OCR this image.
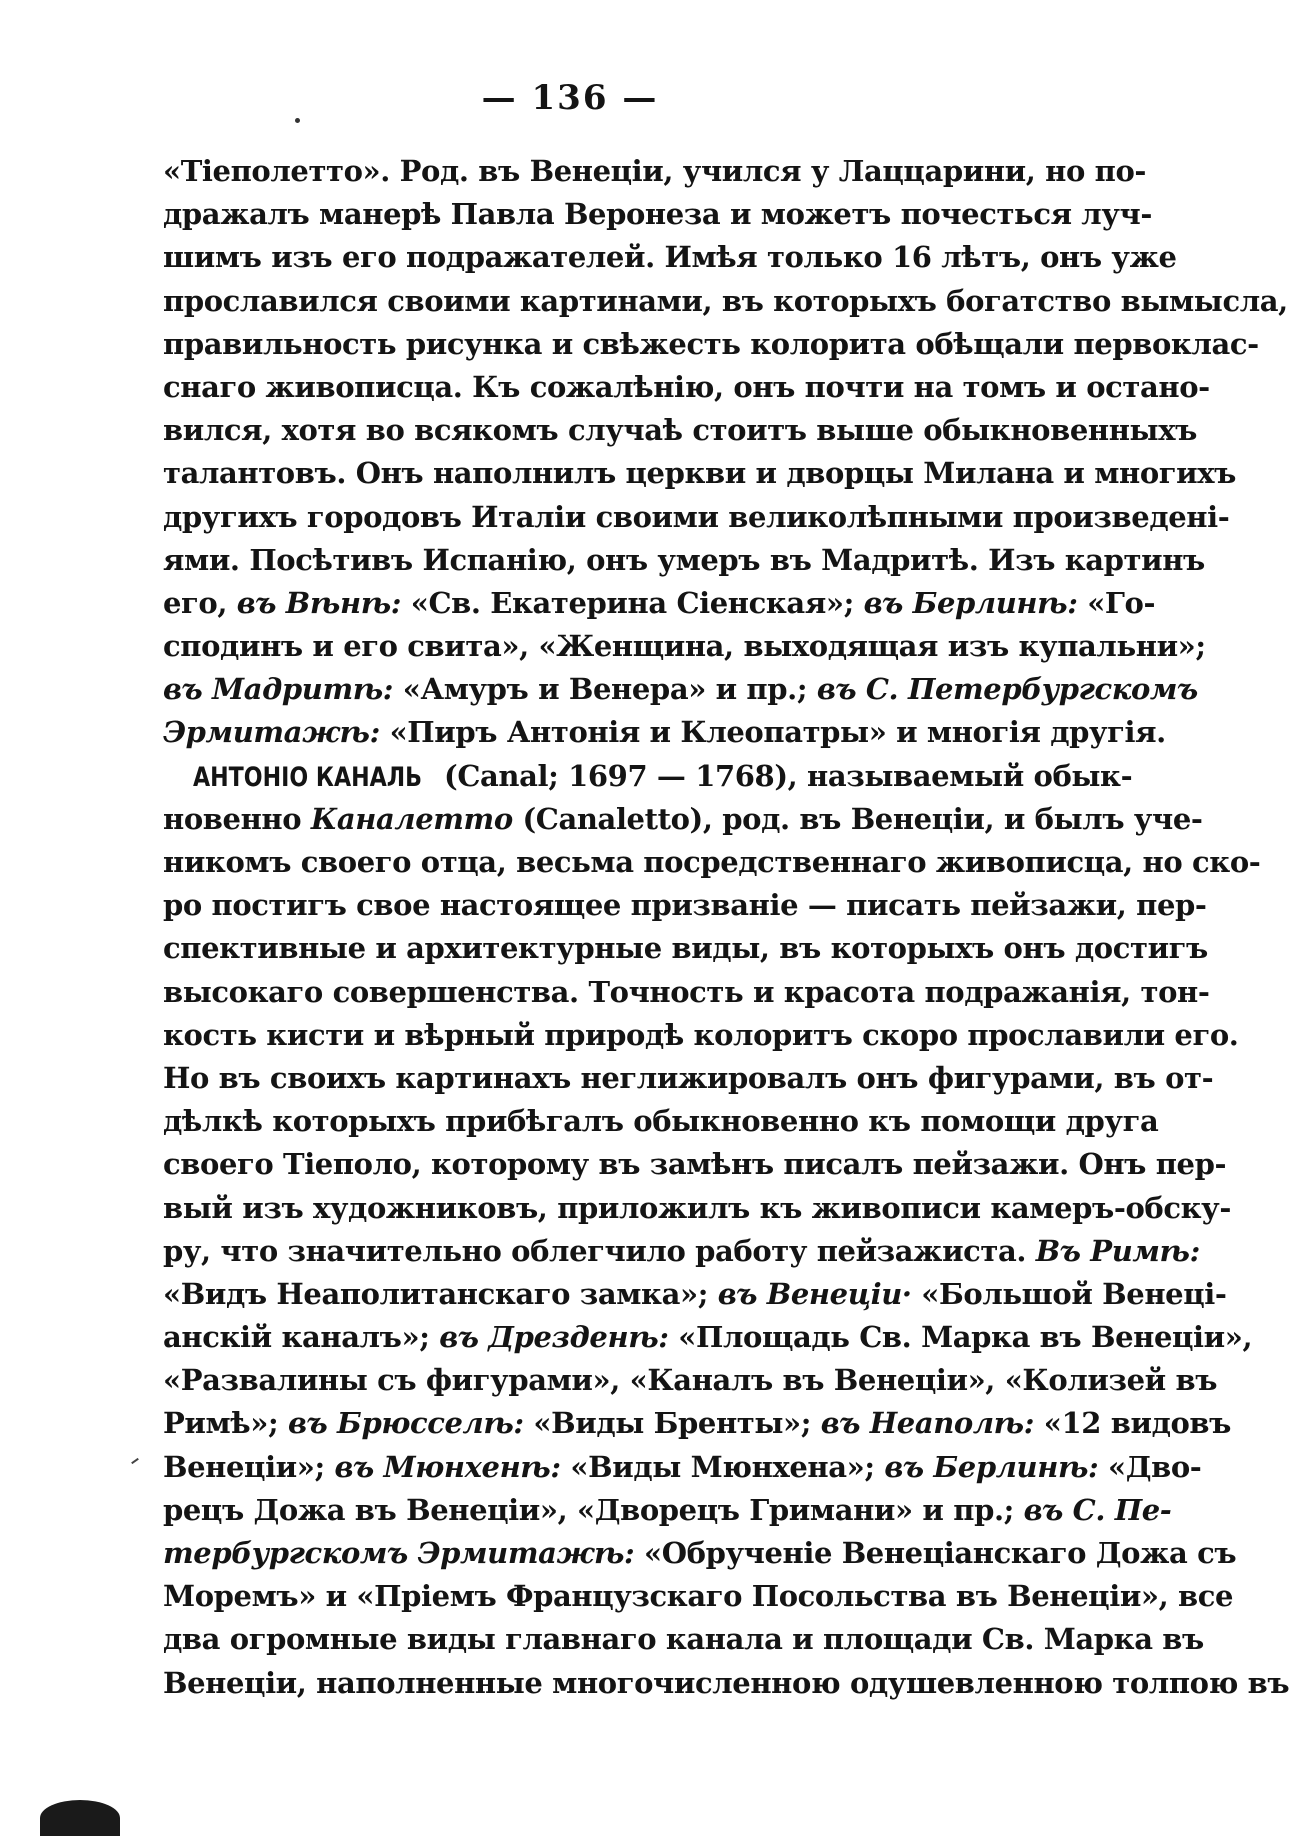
— 136 —
«Тіеполетто». Род. въ Венеціи, учился у Лаццарини, но по-
дражалъ манерѣ Павла Веронеза и можетъ почесться луч-
шимъ изъ его подражателей. Имѣя только 16 лѣтъ, онъ уже
прославился своими картинами, въ которыхъ богатство вымысла,
правильность рисунка и свѣжесть колорита обѣщали первоклас-
снаго живописца. Къ сожалѣнію, онъ почти на томъ и остано-
вился, хотя во всякомъ случаѣ стоитъ выше обыкновенныхъ
талантовъ. Онъ наполнилъ церкви и дворцы Милана и многихъ
другихъ городовъ Италіи своими великолѣпными произведені-
ями. Посѣтивъ Испанію, онъ умеръ въ Мадритѣ. Изъ картинъ
его, въ Вѣнѣ: «Св. Екатерина Сіенская»; въ Берлинѣ: «Го-
сподинъ и его свита», «Женщина, выходящая изъ купальни»;
въ Мадритѣ: «Амуръ и Венера» и пр.; въ С. Петербургскомъ
Эрмитажѣ: «Пиръ Антонія и Клеопатры» и многія другія.
АНТОНІО КАНАЛЬ (Canal; 1697 — 1768), называемый обык-
новенно Каналетто (Canaletto), род. въ Венеціи, и былъ уче-
никомъ своего отца, весьма посредственнаго живописца, но ско-
ро постигъ свое настоящее призваніе — писать пейзажи, пер-
спективные и архитектурные виды, въ которыхъ онъ достигъ
высокаго совершенства. Точность и красота подражанія, тон-
кость кисти и вѣрный природѣ колоритъ скоро прославили его.
Но въ своихъ картинахъ неглижировалъ онъ фигурами, въ от-
дѣлкѣ которыхъ прибѣгалъ обыкновенно къ помощи друга
своего Тіеполо, которому въ замѣнъ писалъ пейзажи. Онъ пер-
вый изъ художниковъ, приложилъ къ живописи камеръ-обску-
ру, что значительно облегчило работу пейзажиста. Въ Римѣ:
«Видъ Неаполитанскаго замка»; въ Венеціи· «Большой Венеці-
анскій каналъ»; въ Дрезденѣ: «Площадь Св. Марка въ Венеціи»,
«Развалины съ фигурами», «Каналъ въ Венеціи», «Колизей въ
Римѣ»; въ Брюсселѣ: «Виды Бренты»; въ Неаполѣ: «12 видовъ
Венеціи»; въ Мюнхенѣ: «Виды Мюнхена»; въ Берлинѣ: «Дво-
рецъ Дожа въ Венеціи», «Дворецъ Гримани» и пр.; въ С. Пе-
тербургскомъ Эрмитажѣ: «Обрученіе Венеціанскаго Дожа съ
Моремъ» и «Пріемъ Французскаго Посольства въ Венеціи», все
два огромные виды главнаго канала и площади Св. Марка въ
Венеціи, наполненные многочисленною одушевленною толпою въ
